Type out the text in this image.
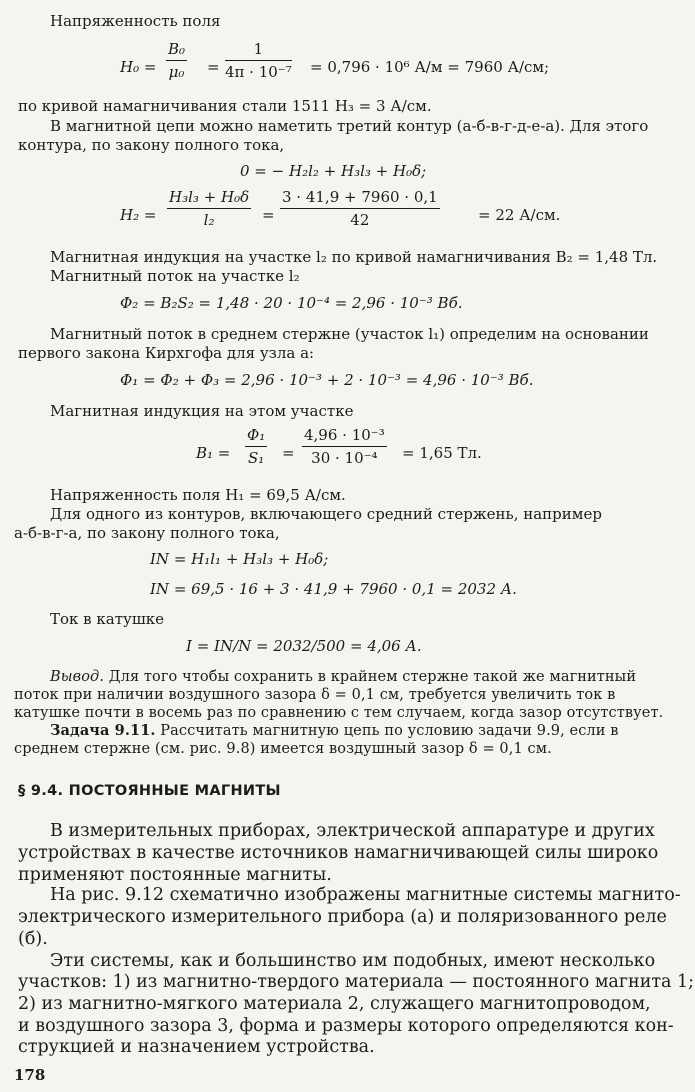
Напряженность поля
$H_0 = \frac{\text{B₀}}{\text{μ₀}} = \frac{1}{\text{4π · 10⁻⁷}} = 0,796 \cdot 10^6$ А/м = 7960 А/см;
по кривой намагничивания стали 1511 H₃ = 3 А/см.
В магнитной цепи можно наметить третий контур (а-б-в-г-д-е-а). Для этого
контура, по закону полного тока,
0 = − H₂l₂ + H₃l₃ + H₀δ;
$H_2 = \frac{\text{H₃l₃ + H₀δ}}{\text{l₂}} = \frac{3 \cdot 41,9 + 7960 \cdot 0,1}{42}$	= 22 А/см.
Магнитная индукция на участке l₂ по кривой намагничивания B₂ = 1,48 Тл.
Магнитный поток на участке l₂
Φ₂ = B₂S₂ = 1,48 · 20 · 10⁻⁴ = 2,96 · 10⁻³ Вб.
Магнитный поток в среднем стержне (участок l₁) определим на основании
первого закона Кирхгофа для узла а:
Φ₁ = Φ₂ + Φ₃ = 2,96 · 10⁻³ + 2 · 10⁻³ = 4,96 · 10⁻³ Вб.
Магнитная индукция на этом участке
$B_1 = \frac{\text{Φ₁}}{\text{S₁}} = \frac{\text{4,96 · 10⁻³}}{\text{30 · 10⁻⁴}} = 1,65$ Тл.
Напряженность поля H₁ = 69,5 А/см.
Для одного из контуров, включающего средний стержень, например
а-б-в-г-а, по закону полного тока,
IN = H₁l₁ + H₃l₃ + H₀δ;
IN = 69,5 · 16 + 3 · 41,9 + 7960 · 0,1 = 2032 А.
Ток в катушке
I = IN/N = 2032/500 = 4,06 А.
Вывод. Для того чтобы сохранить в крайнем стержне такой же магнитный
поток при наличии воздушного зазора δ = 0,1 см, требуется увеличить ток в
катушке почти в восемь раз по сравнению с тем случаем, когда зазор отсутствует.
Задача 9.11. Рассчитать магнитную цепь по условию задачи 9.9, если в
среднем стержне (см. рис. 9.8) имеется воздушный зазор δ = 0,1 см.
§ 9.4. ПОСТОЯННЫЕ МАГНИТЫ
В измерительных приборах, электрической аппаратуре и других
устройствах в качестве источников намагничивающей силы широко
применяют постоянные магниты.
На рис. 9.12 схематично изображены магнитные системы магнито-
электрического измерительного прибора (а) и поляризованного реле
(б).
Эти системы, как и большинство им подобных, имеют несколько
участков: 1) из магнитно-твердого материала — постоянного магнита 1;
2) из магнитно-мягкого материала 2, служащего магнитопроводом,
и воздушного зазора 3, форма и размеры которого определяются кон-
струкцией и назначением устройства.
178
